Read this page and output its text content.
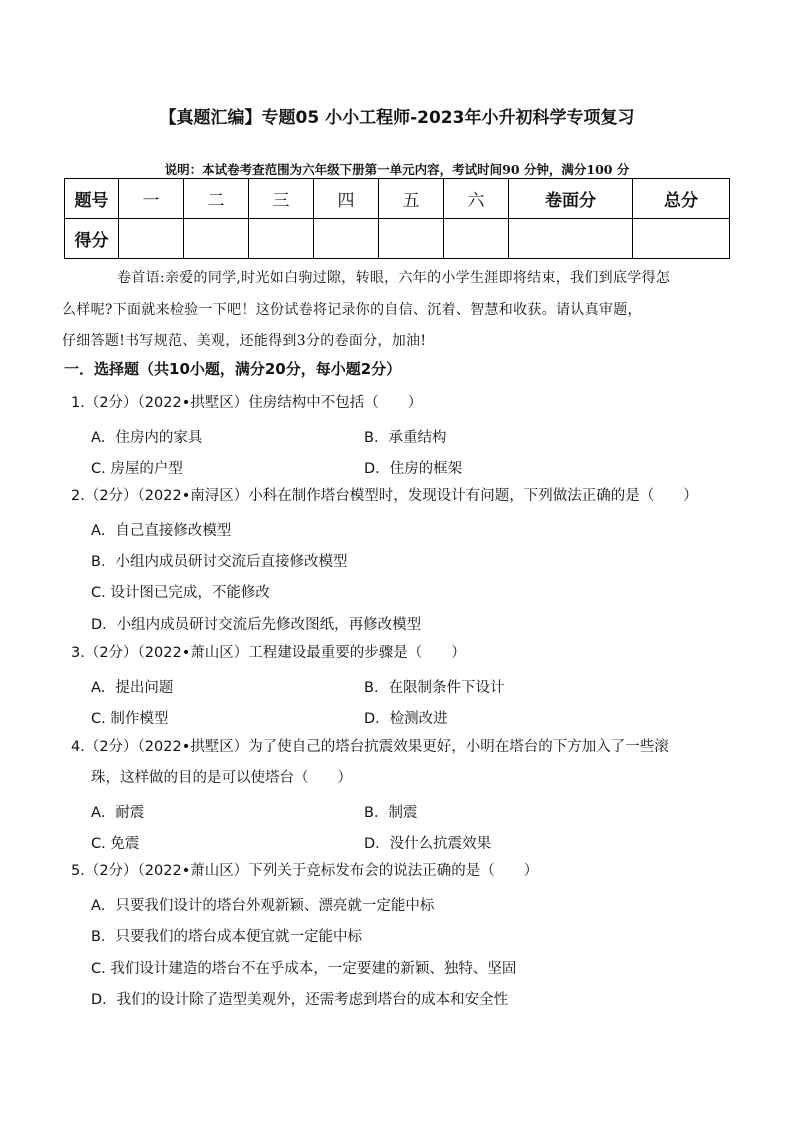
【真题汇编】专题05 小小工程师-2023年小升初科学专项复习
说明：本试卷考查范围为六年级下册第一单元内容，考试时间90 分钟，满分100 分
题号	一	二	三	四	五	六	卷面分	总分
得分								
卷首语:亲爱的同学,时光如白驹过隙，转眼，六年的小学生涯即将结束，我们到底学得怎
么样呢?下面就来检验一下吧！这份试卷将记录你的自信、沉着、智慧和收获。请认真审题，
仔细答题!书写规范、美观，还能得到3分的卷面分，加油!
一．选择题（共10小题，满分20分，每小题2分）
1.（2分）（2022•拱墅区）住房结构中不包括（　　）
A．住房内的家具	B．承重结构
C. 房屋的户型	D．住房的框架
2.（2分）（2022•南浔区）小科在制作塔台模型时，发现设计有问题，下列做法正确的是（　　）
A．自己直接修改模型
B．小组内成员研讨交流后直接修改模型
C. 设计图已完成，不能修改
D．小组内成员研讨交流后先修改图纸，再修改模型
3.（2分）（2022•萧山区）工程建设最重要的步骤是（　　）
A．提出问题	B．在限制条件下设计
C. 制作模型	D．检测改进
4.（2分）（2022•拱墅区）为了使自己的塔台抗震效果更好，小明在塔台的下方加入了一些滚
珠，这样做的目的是可以使塔台（　　）
A．耐震	B．制震
C. 免震	D．没什么抗震效果
5.（2分）（2022•萧山区）下列关于竞标发布会的说法正确的是（　　）
A．只要我们设计的塔台外观新颖、漂亮就一定能中标
B．只要我们的塔台成本便宜就一定能中标
C. 我们设计建造的塔台不在乎成本，一定要建的新颖、独特、坚固
D．我们的设计除了造型美观外，还需考虑到塔台的成本和安全性
